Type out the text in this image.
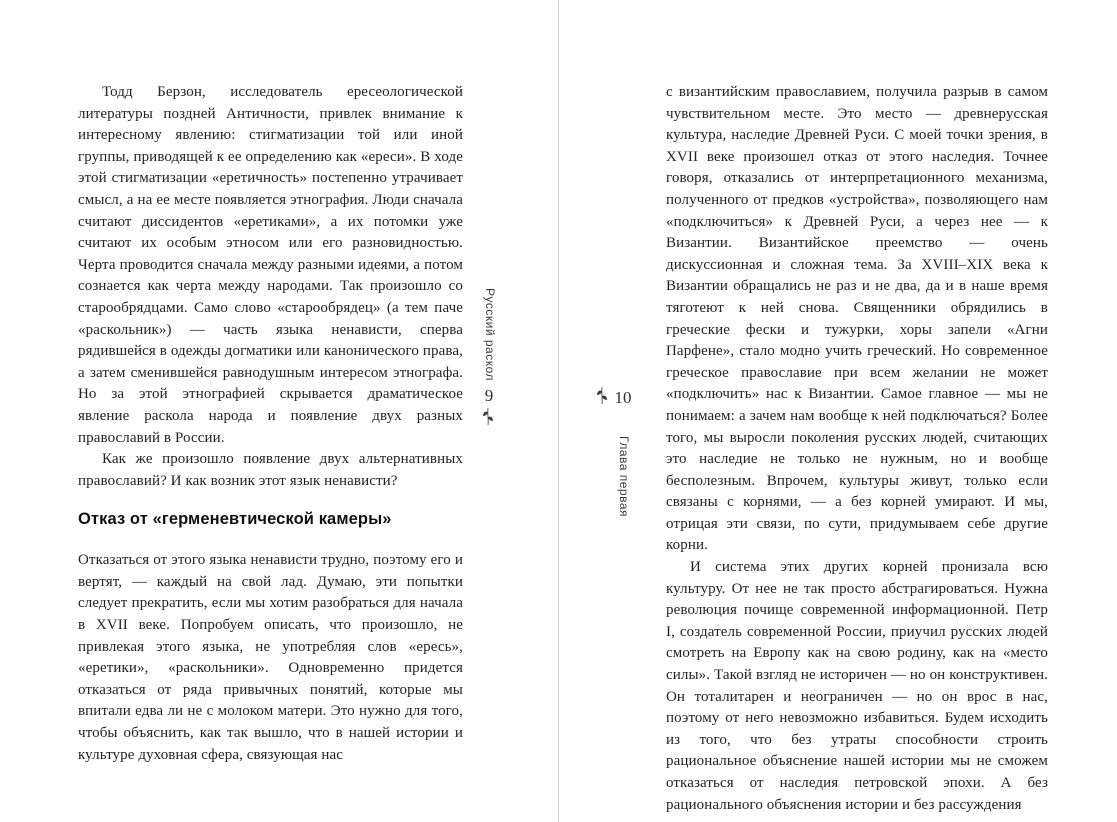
Тодд Берзон, исследователь ересеологической литературы поздней Античности, привлек внимание к интересному явлению: стигматизации той или иной группы, приводящей к ее определению как «ереси». В ходе этой стигматизации «еретичность» постепенно утрачивает смысл, а на ее месте появляется этнография. Люди сначала считают диссидентов «еретиками», а их потомки уже считают их особым этносом или его разновидностью. Черта проводится сначала между разными идеями, а потом сознается как черта между народами. Так произошло со старообрядцами. Само слово «старообрядец» (а тем паче «раскольник») — часть языка ненависти, сперва рядившейся в одежды догматики или канонического права, а затем сменившейся равнодушным интересом этнографа. Но за этой этнографией скрывается драматическое явление раскола народа и появление двух разных православий в России.

Как же произошло появление двух альтернативных православий? И как возник этот язык ненависти?

Отказ от «герменевтической камеры»

Отказаться от этого языка ненависти трудно, поэтому его и вертят, — каждый на свой лад. Думаю, эти попытки следует прекратить, если мы хотим разобраться для начала в XVII веке. Попробуем описать, что произошло, не привлекая этого языка, не употребляя слов «ересь», «еретики», «раскольники». Одновременно придется отказаться от ряда привычных понятий, которые мы впитали едва ли не с молоком матери. Это нужно для того, чтобы объяснить, как так вышло, что в нашей истории и культуре духовная сфера, связующая нас

Русский раскол
9

с византийским православием, получила разрыв в самом чувствительном месте. Это место — древнерусская культура, наследие Древней Руси. С моей точки зрения, в XVII веке произошел отказ от этого наследия. Точнее говоря, отказались от интерпретационного механизма, полученного от предков «устройства», позволяющего нам «подключиться» к Древней Руси, а через нее — к Византии. Византийское преемство — очень дискуссионная и сложная тема. За XVIII–XIX века к Византии обращались не раз и не два, да и в наше время тяготеют к ней снова. Священники обрядились в греческие фески и тужурки, хоры запели «Агни Парфене», стало модно учить греческий. Но современное греческое православие при всем желании не может «подключить» нас к Византии. Самое главное — мы не понимаем: а зачем нам вообще к ней подключаться? Более того, мы выросли поколения русских людей, считающих это наследие не только не нужным, но и вообще бесполезным. Впрочем, культуры живут, только если связаны с корнями, — а без корней умирают. И мы, отрицая эти связи, по сути, придумываем себе другие корни.

И система этих других корней пронизала всю культуру. От нее не так просто абстрагироваться. Нужна революция почище современной информационной. Петр I, создатель современной России, приучил русских людей смотреть на Европу как на свою родину, как на «место силы». Такой взгляд не историчен — но он конструктивен. Он тоталитарен и неограничен — но он врос в нас, поэтому от него невозможно избавиться. Будем исходить из того, что без утраты способности строить рациональное объяснение нашей истории мы не сможем отказаться от наследия петровской эпохи. А без рационального объяснения истории и без рассуждения

10
Глава первая
